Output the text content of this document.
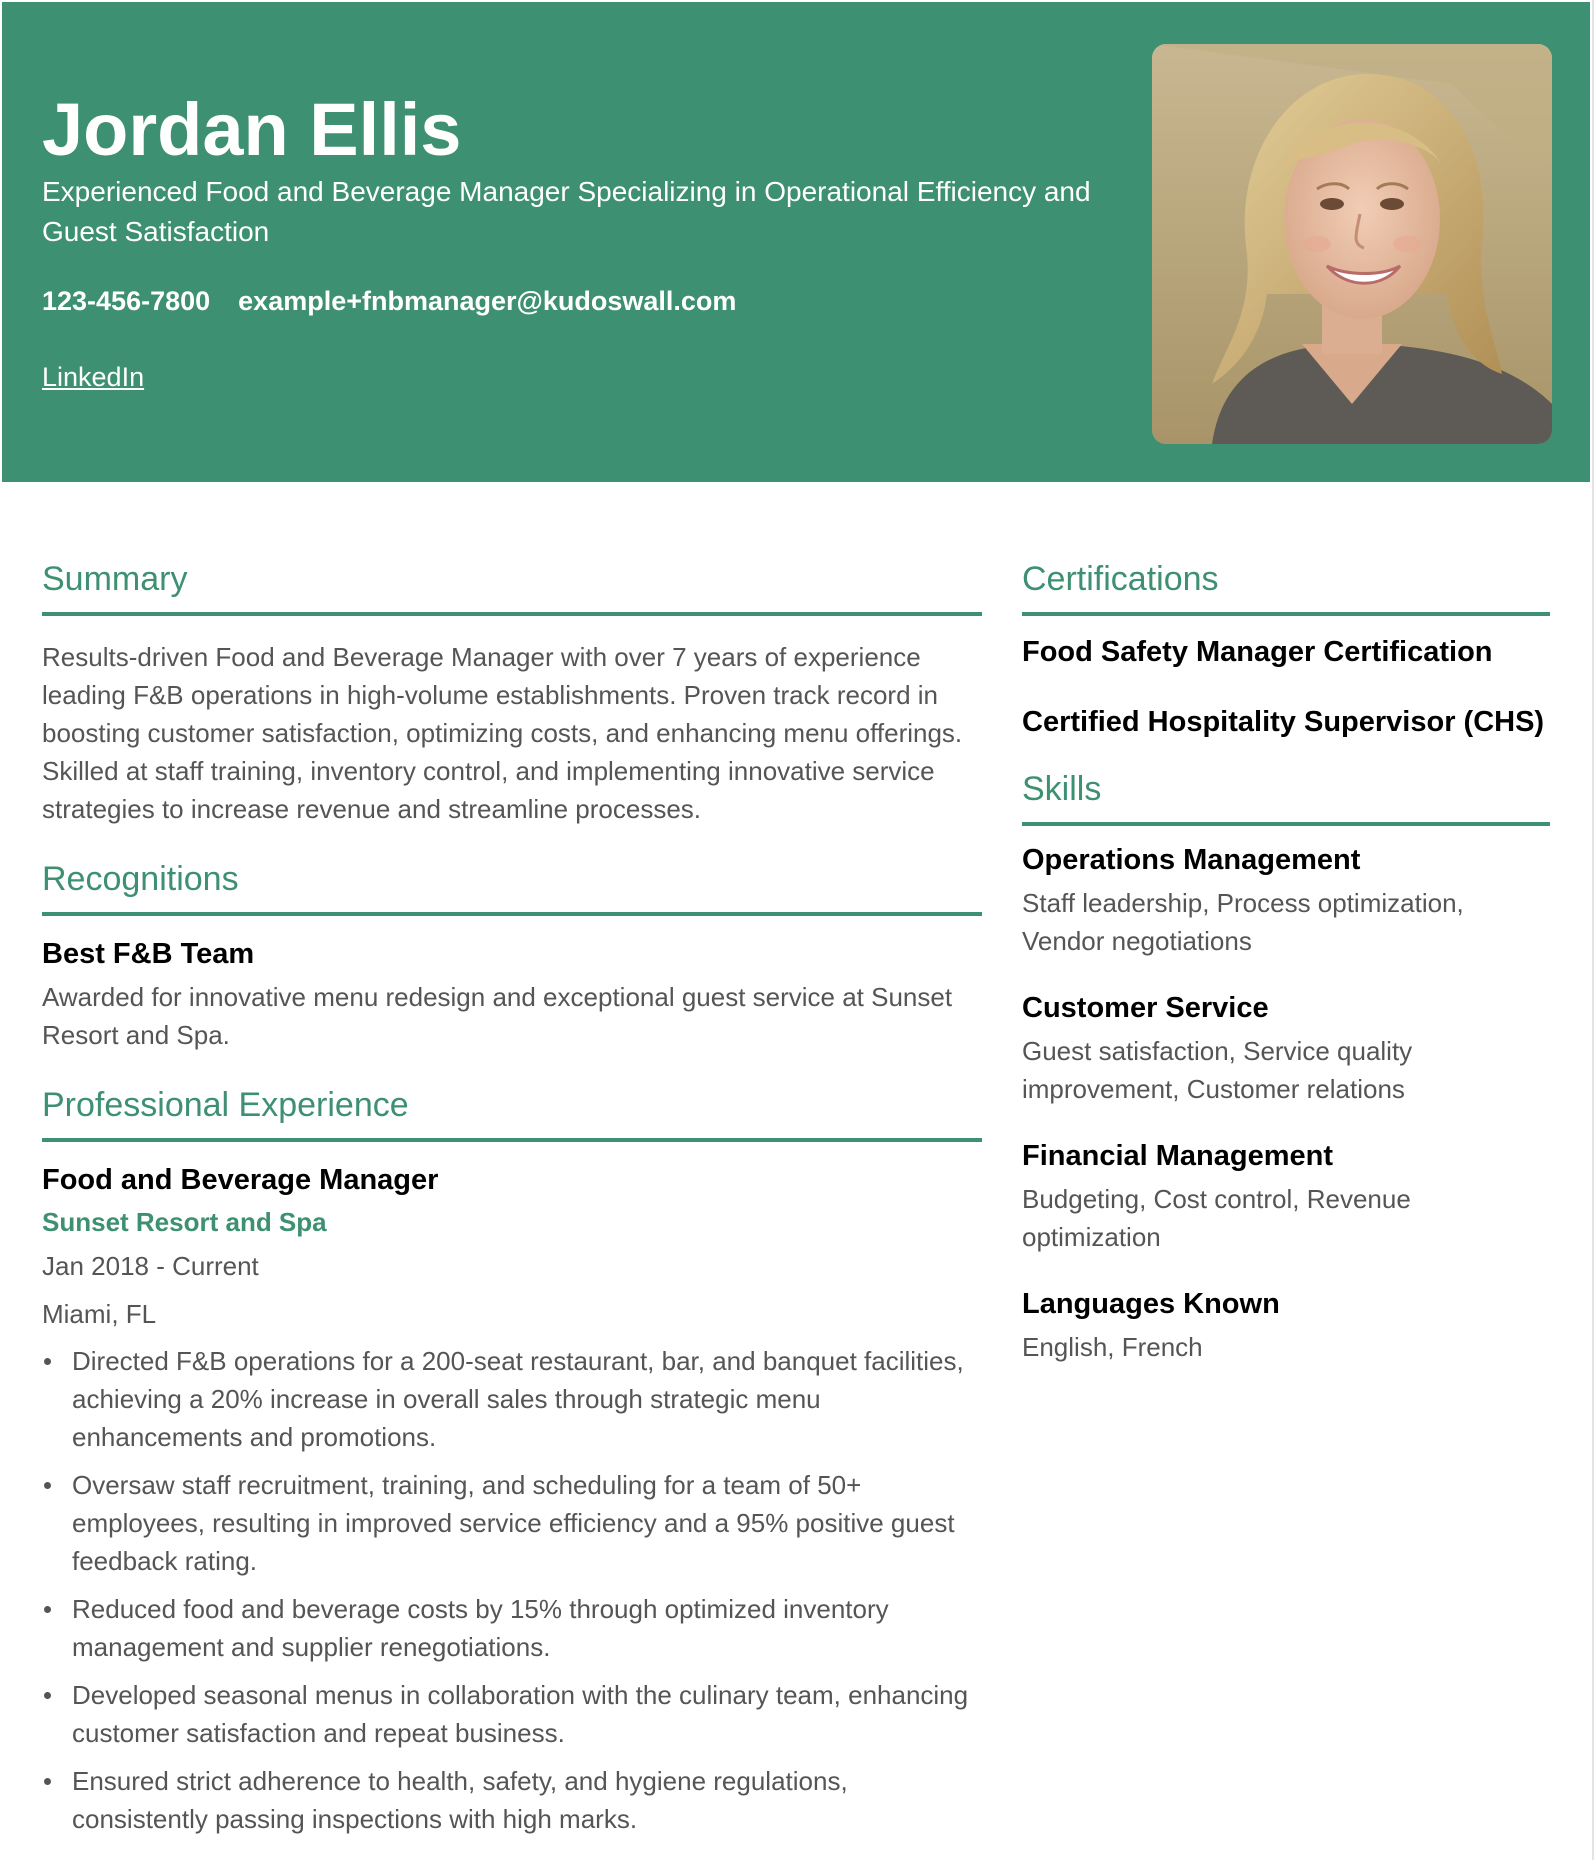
Jordan Ellis
Experienced Food and Beverage Manager Specializing in Operational Efficiency and Guest Satisfaction
123-456-7800 example+fnbmanager@kudoswall.com
LinkedIn
Summary

Results-driven Food and Beverage Manager with over 7 years of experience leading F&B operations in high-volume establishments. Proven track record in boosting customer satisfaction, optimizing costs, and enhancing menu offerings. Skilled at staff training, inventory control, and implementing innovative service strategies to increase revenue and streamline processes.

Recognitions
Best F&B Team

Awarded for innovative menu redesign and exceptional guest service at Sunset Resort and Spa.

Professional Experience
Food and Beverage Manager
Sunset Resort and Spa
Jan 2018 - Current
Miami, FL
Directed F&B operations for a 200-seat restaurant, bar, and banquet facilities, achieving a 20% increase in overall sales through strategic menu enhancements and promotions.
Oversaw staff recruitment, training, and scheduling for a team of 50+ employees, resulting in improved service efficiency and a 95% positive guest feedback rating.
Reduced food and beverage costs by 15% through optimized inventory management and supplier renegotiations.
Developed seasonal menus in collaboration with the culinary team, enhancing customer satisfaction and repeat business.
Ensured strict adherence to health, safety, and hygiene regulations, consistently passing inspections with high marks.
Certifications
Food Safety Manager Certification
Certified Hospitality Supervisor (CHS)
Skills
Operations Management

Staff leadership, Process optimization, Vendor negotiations

Customer Service

Guest satisfaction, Service quality improvement, Customer relations

Financial Management

Budgeting, Cost control, Revenue optimization

Languages Known

English, French
